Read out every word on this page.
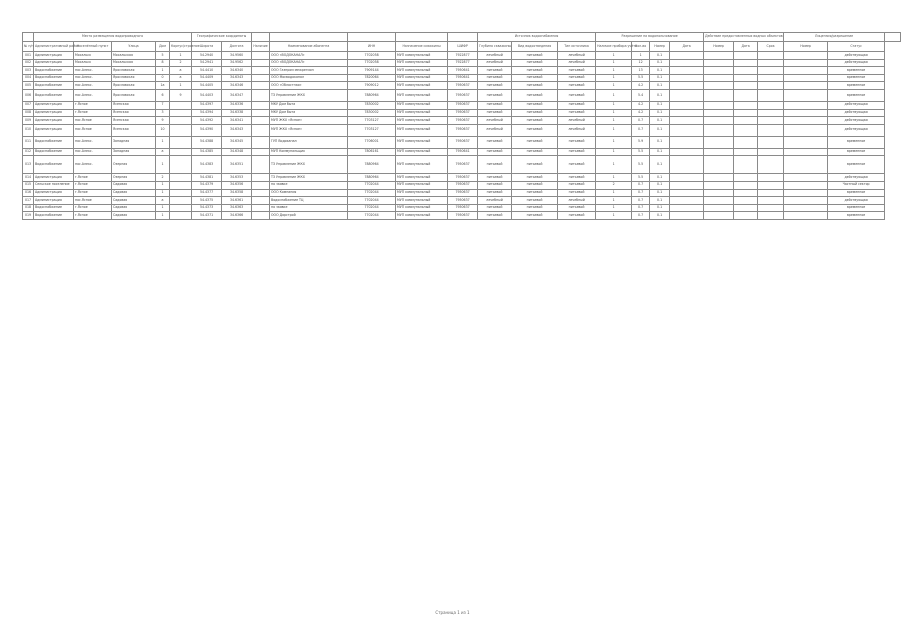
	Место размещения водопроводного					Географические координаты							Источник водоснабжения			Разрешение на водопользование				Действие предоставленных водных объектов			Лицензия/разрешение		
№ п/п	Административный район	Населённый пункт	Улица	Дом	Корпус/строение	Широта	Долгота	Наличие	Наименование абонента	ИНН	Назначение скважины	ШИФР	Глубина скважины	Вид водоотведения	Тип источника	Наличие прибора учёта	Кол-во	Номер	Дата	Номер	Дата	Срок	Номер	Статус	
001	Администрация	Мосальск	Мосальская	5	1	54.2940	34.9560		ООО «ВОДОКАНАЛ»	7702058	МУП коммунальный	7922877	лечебный	питьевой	лечебный	1	1	0.1						действующая	
002	Администрация	Мосальск	Мосальская	8	2	54.2941	34.9562		ООО «ВОДОКАНАЛ»	7702058	МУП коммунальный	7922877	лечебный	питьевой	лечебный	1	12	0.1						действующая	
003	Водоснабжение	пос.Алекс.	Ярославская	1	а	54.4410	34.6340		ООО Газпром межрегион	7909144	МУП коммунальный	7950641	питьевой	питьевой	питьевой	1	13	0.1						временное	
004	Водоснабжение	пос.Алекс.	Ярославская	0	а	54.4409	34.6343		ООО Мосводоканал	7820064	МУП коммунальный	7950641	питьевой	питьевой	питьевой	1	5.5	0.1						временное	
005	Водоснабжение	пос.Алекс.	Ярославская	1а	1	54.4405	34.6346		ООО «Областная»	7909012	МУП коммунальный	7950637	питьевой	питьевой	питьевой	1	4.2	0.1						временное	
006	Водоснабжение	пос.Алекс.	Ярославская	6	9	54.4403	34.6347		ТЗ Управление ЖКХ	7880964	МУП коммунальный	7950637	питьевой	питьевой	питьевой	1	5.4	0.1						временное	
007	Администрация	г.Ясное	Ясенская	7		54.4397	34.6336		МКУ Дом быта	7830002	МУП коммунальный	7950637	питьевой	питьевой	питьевой	1	4.2	0.1						действующая	
008	Администрация	г.Ясное	Ясенская	3		54.4394	34.6338		МКУ Дом быта	7830002	МУП коммунальный	7950637	питьевой	питьевой	питьевой	1	4.2	0.1						действующая	
009	Администрация	пос.Ясное	Ясенская	9		54.4392	34.6341		МУП ЖКХ «Ясное»	7703127	МУП коммунальный	7950637	лечебный	питьевой	лечебный	1	0.7	0.1						действующая	
010	Администрация	пос.Ясное	Ясенская	10		54.4390	34.6343		МУП ЖКХ «Ясное»	7703127	МУП коммунальный	7950637	лечебный	питьевой	лечебный	1	0.7	0.1						действующая	
011	Водоснабжение	пос.Алекс.	Западная	1		54.4388	34.6345		ГУП Водоканал	7706001	МУП коммунальный	7950637	питьевой	питьевой	питьевой	1	5.9	0.1						временное	
012	Водоснабжение	пос.Алекс.	Западная	а		54.4385	34.6348		МУП Коммунальщик	7806161	МУП коммунальный	7950641	питьевой	питьевой	питьевой	1	5.5	0.1						временное	
013	Водоснабжение	пос.Алекс.	Озерная	1		54.4383	34.6351		ТЗ Управление ЖКХ	7880964	МУП коммунальный	7950637	питьевой	питьевой	питьевой	1	5.5	0.1						временное	
014	Администрация	г.Ясное	Озерная	2		54.4381	34.6353		ТЗ Управление ЖКХ	7880964	МУП коммунальный	7950637	питьевой	питьевой	питьевой	1	5.5	0.1						действующая	
015	Сельское поселение	г.Ясное	Садовая	1		54.4379	34.6356		по заявке	7702044	МУП коммунальный	7950637	питьевой	питьевой	питьевой	2	0.7	0.1						Частный сектор	
016	Администрация	г.Ясное	Садовая	1		54.4377	34.6358		ООО Компания	7702044	МУП коммунальный	7950637	питьевой	питьевой	питьевой	1	0.7	0.1						временное	
017	Администрация	пос.Ясное	Садовая	а		54.4375	34.6361		Водоснабжение ТЦ	7702044	МУП коммунальный	7950637	лечебный	питьевой	лечебный	1	0.7	0.1						действующая	
018	Водоснабжение	г.Ясное	Садовая	1		54.4373	34.6363		по заявке	7702044	МУП коммунальный	7950637	питьевой	питьевой	питьевой	1	0.7	0.1						временное	
019	Водоснабжение	г.Ясное	Садовая	1		54.4371	34.6366		ООО Дорстрой	7702044	МУП коммунальный	7950637	питьевой	питьевой	питьевой	1	0.7	0.1						временное	
Страница 1 из 1
